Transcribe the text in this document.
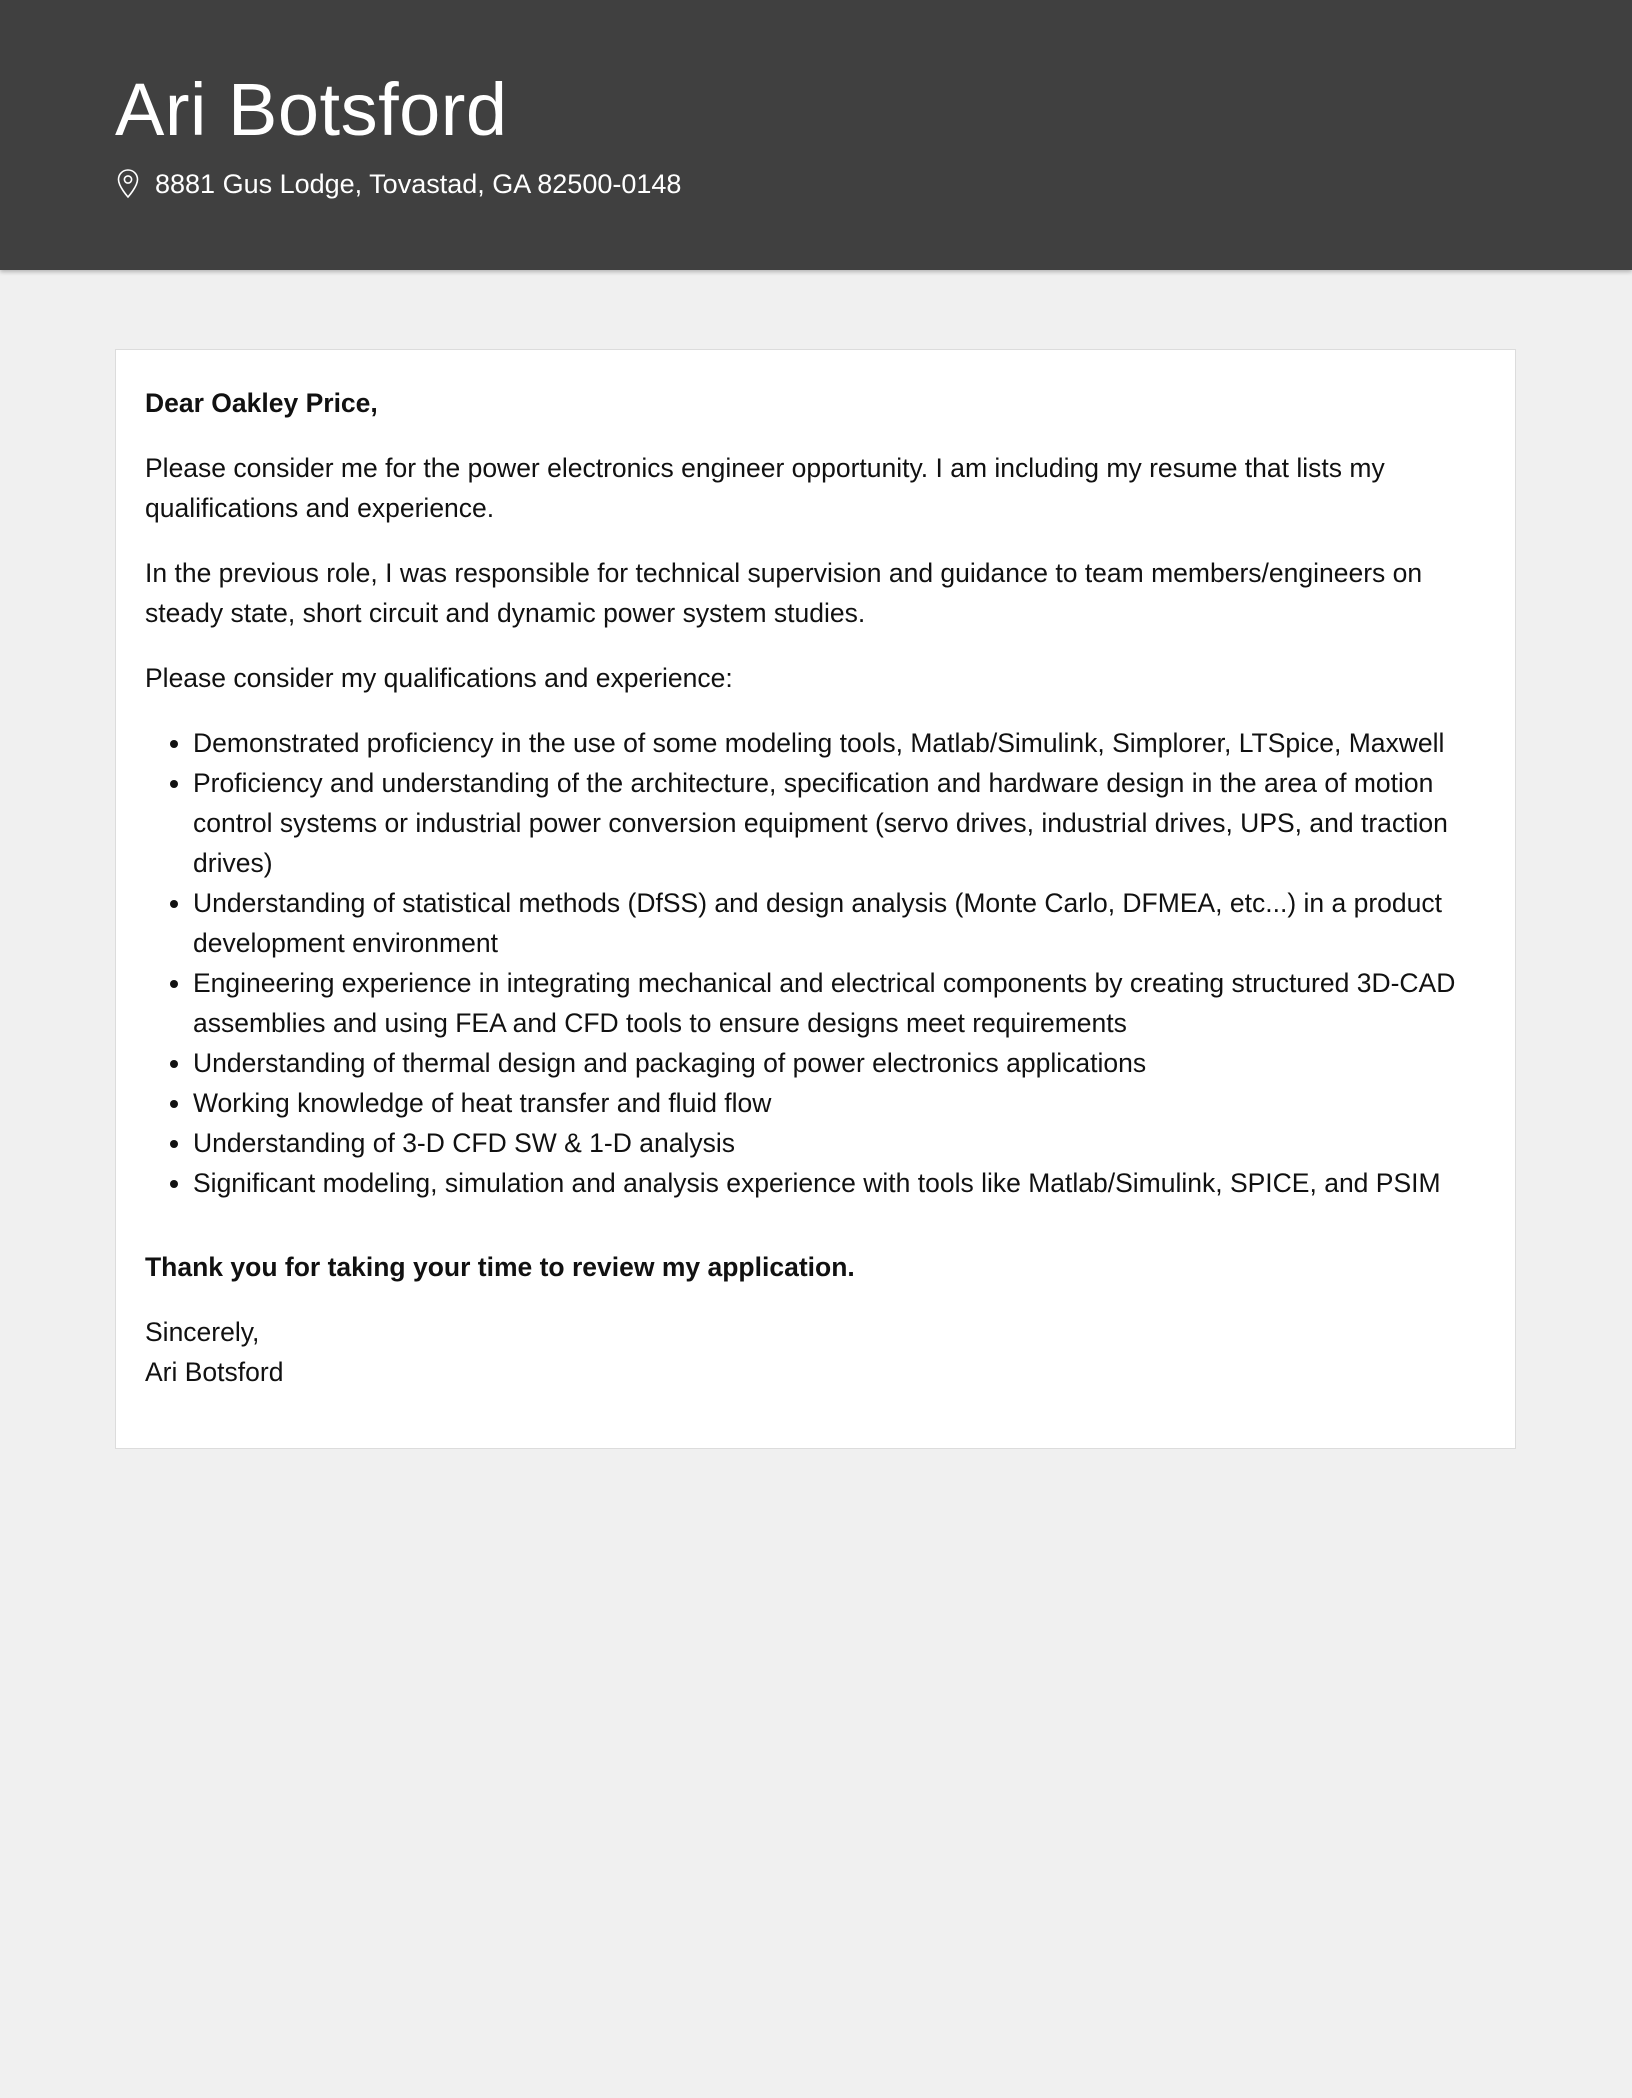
Ari Botsford
8881 Gus Lodge, Tovastad, GA 82500-0148

Dear Oakley Price,

Please consider me for the power electronics engineer opportunity. I am including my resume that lists my qualifications and experience.

In the previous role, I was responsible for technical supervision and guidance to team members/engineers on steady state, short circuit and dynamic power system studies.

Please consider my qualifications and experience:

• Demonstrated proficiency in the use of some modeling tools, Matlab/Simulink, Simplorer, LTSpice, Maxwell
• Proficiency and understanding of the architecture, specification and hardware design in the area of motion control systems or industrial power conversion equipment (servo drives, industrial drives, UPS, and traction drives)
• Understanding of statistical methods (DfSS) and design analysis (Monte Carlo, DFMEA, etc...) in a product development environment
• Engineering experience in integrating mechanical and electrical components by creating structured 3D-CAD assemblies and using FEA and CFD tools to ensure designs meet requirements
• Understanding of thermal design and packaging of power electronics applications
• Working knowledge of heat transfer and fluid flow
• Understanding of 3-D CFD SW & 1-D analysis
• Significant modeling, simulation and analysis experience with tools like Matlab/Simulink, SPICE, and PSIM

Thank you for taking your time to review my application.

Sincerely,
Ari Botsford
